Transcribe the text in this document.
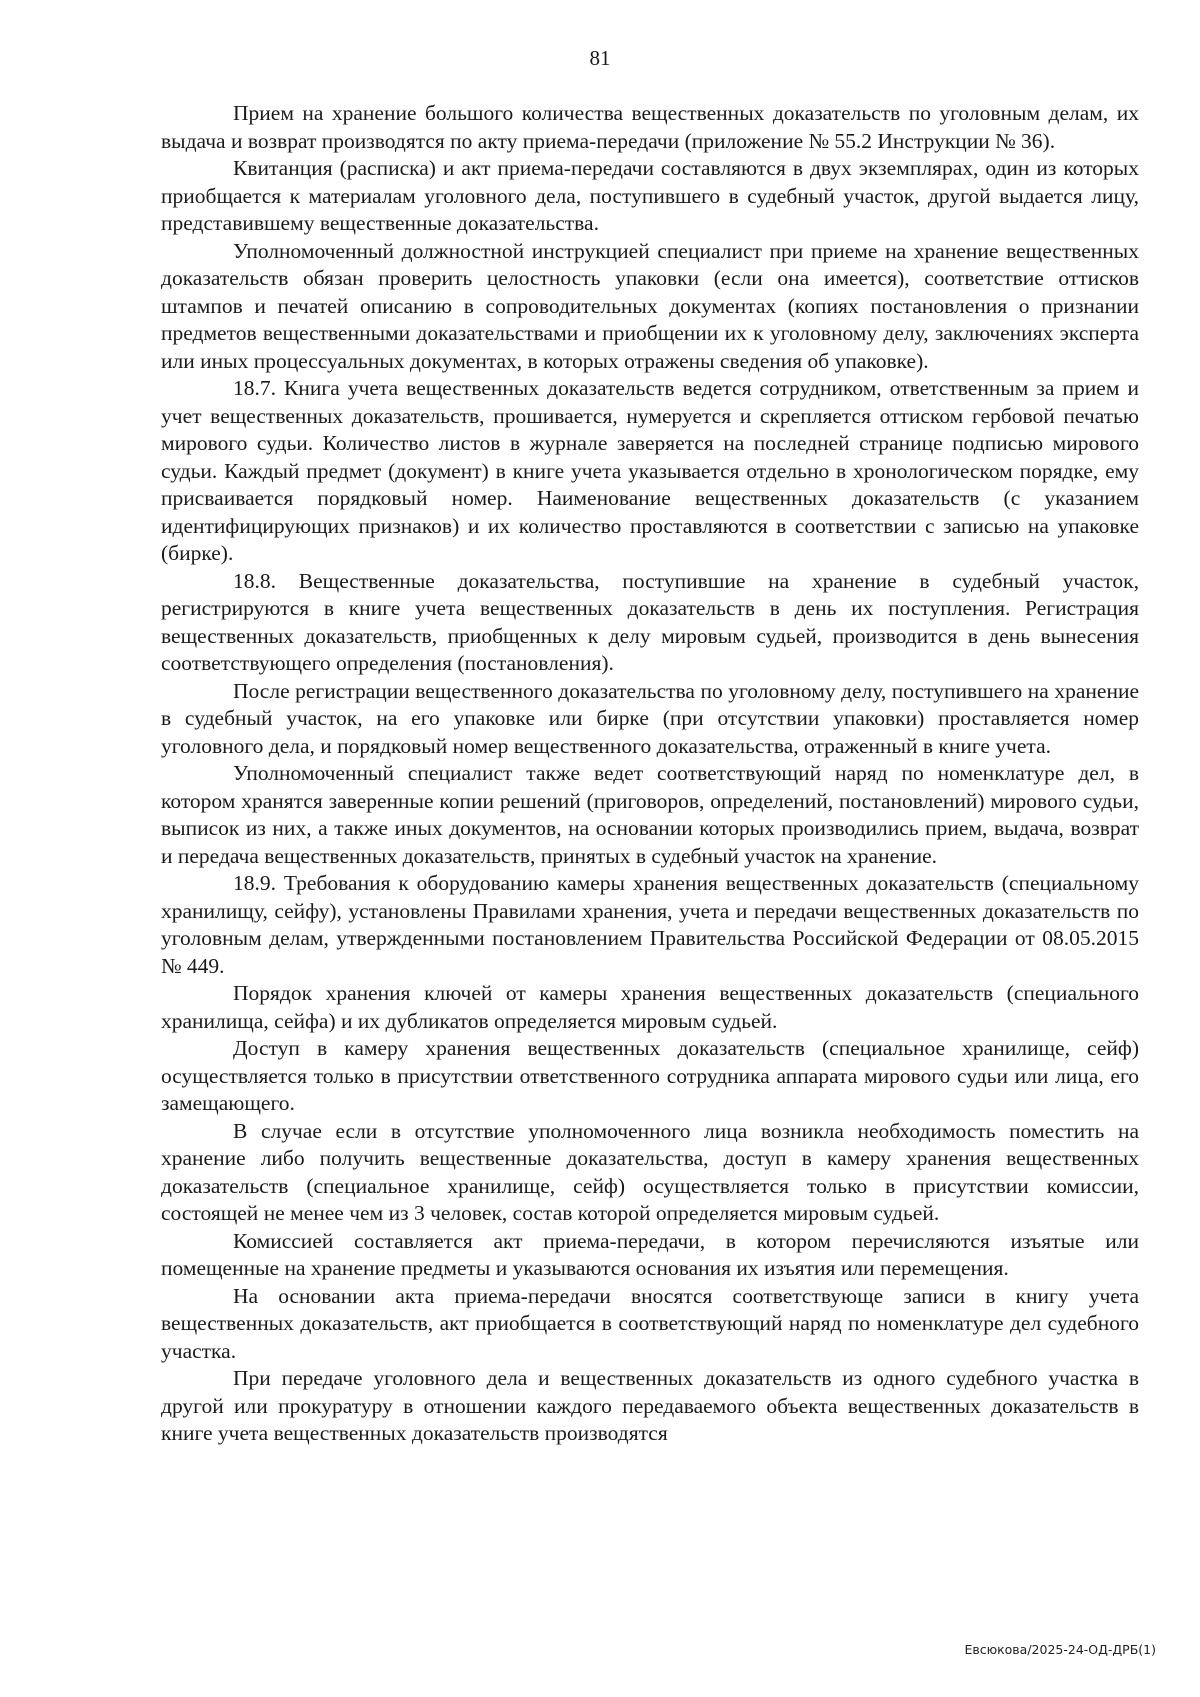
81

Прием на хранение большого количества вещественных доказательств по уголовным делам, их выдача и возврат производятся по акту приема-передачи (приложение № 55.2 Инструкции № 36).

Квитанция (расписка) и акт приема-передачи составляются в двух экземплярах, один из которых приобщается к материалам уголовного дела, поступившего в судебный участок, другой выдается лицу, представившему вещественные доказательства.

Уполномоченный должностной инструкцией специалист при приеме на хранение вещественных доказательств обязан проверить целостность упаковки (если она имеется), соответствие оттисков штампов и печатей описанию в сопроводительных документах (копиях постановления о признании предметов вещественными доказательствами и приобщении их к уголовному делу, заключениях эксперта или иных процессуальных документах, в которых отражены сведения об упаковке).

18.7. Книга учета вещественных доказательств ведется сотрудником, ответственным за прием и учет вещественных доказательств, прошивается, нумеруется и скрепляется оттиском гербовой печатью мирового судьи. Количество листов в журнале заверяется на последней странице подписью мирового судьи. Каждый предмет (документ) в книге учета указывается отдельно в хронологическом порядке, ему присваивается порядковый номер. Наименование вещественных доказательств (с указанием идентифицирующих признаков) и их количество проставляются в соответствии с записью на упаковке (бирке).

18.8. Вещественные доказательства, поступившие на хранение в судебный участок, регистрируются в книге учета вещественных доказательств в день их поступления. Регистрация вещественных доказательств, приобщенных к делу мировым судьей, производится в день вынесения соответствующего определения (постановления).

После регистрации вещественного доказательства по уголовному делу, поступившего на хранение в судебный участок, на его упаковке или бирке (при отсутствии упаковки) проставляется номер уголовного дела, и порядковый номер вещественного доказательства, отраженный в книге учета.

Уполномоченный специалист также ведет соответствующий наряд по номенклатуре дел, в котором хранятся заверенные копии решений (приговоров, определений, постановлений) мирового судьи, выписок из них, а также иных документов, на основании которых производились прием, выдача, возврат и передача вещественных доказательств, принятых в судебный участок на хранение.

18.9. Требования к оборудованию камеры хранения вещественных доказательств (специальному хранилищу, сейфу), установлены Правилами хранения, учета и передачи вещественных доказательств по уголовным делам, утвержденными постановлением Правительства Российской Федерации от 08.05.2015 № 449.

Порядок хранения ключей от камеры хранения вещественных доказательств (специального хранилища, сейфа) и их дубликатов определяется мировым судьей.

Доступ в камеру хранения вещественных доказательств (специальное хранилище, сейф) осуществляется только в присутствии ответственного сотрудника аппарата мирового судьи или лица, его замещающего.

В случае если в отсутствие уполномоченного лица возникла необходимость поместить на хранение либо получить вещественные доказательства, доступ в камеру хранения вещественных доказательств (специальное хранилище, сейф) осуществляется только в присутствии комиссии, состоящей не менее чем из 3 человек, состав которой определяется мировым судьей.

Комиссией составляется акт приема-передачи, в котором перечисляются изъятые или помещенные на хранение предметы и указываются основания их изъятия или перемещения.

На основании акта приема-передачи вносятся соответствующе записи в книгу учета вещественных доказательств, акт приобщается в соответствующий наряд по номенклатуре дел судебного участка.

При передаче уголовного дела и вещественных доказательств из одного судебного участка в другой или прокуратуру в отношении каждого передаваемого объекта вещественных доказательств в книге учета вещественных доказательств производятся

Евсюкова/2025-24-ОД-ДРБ(1)
